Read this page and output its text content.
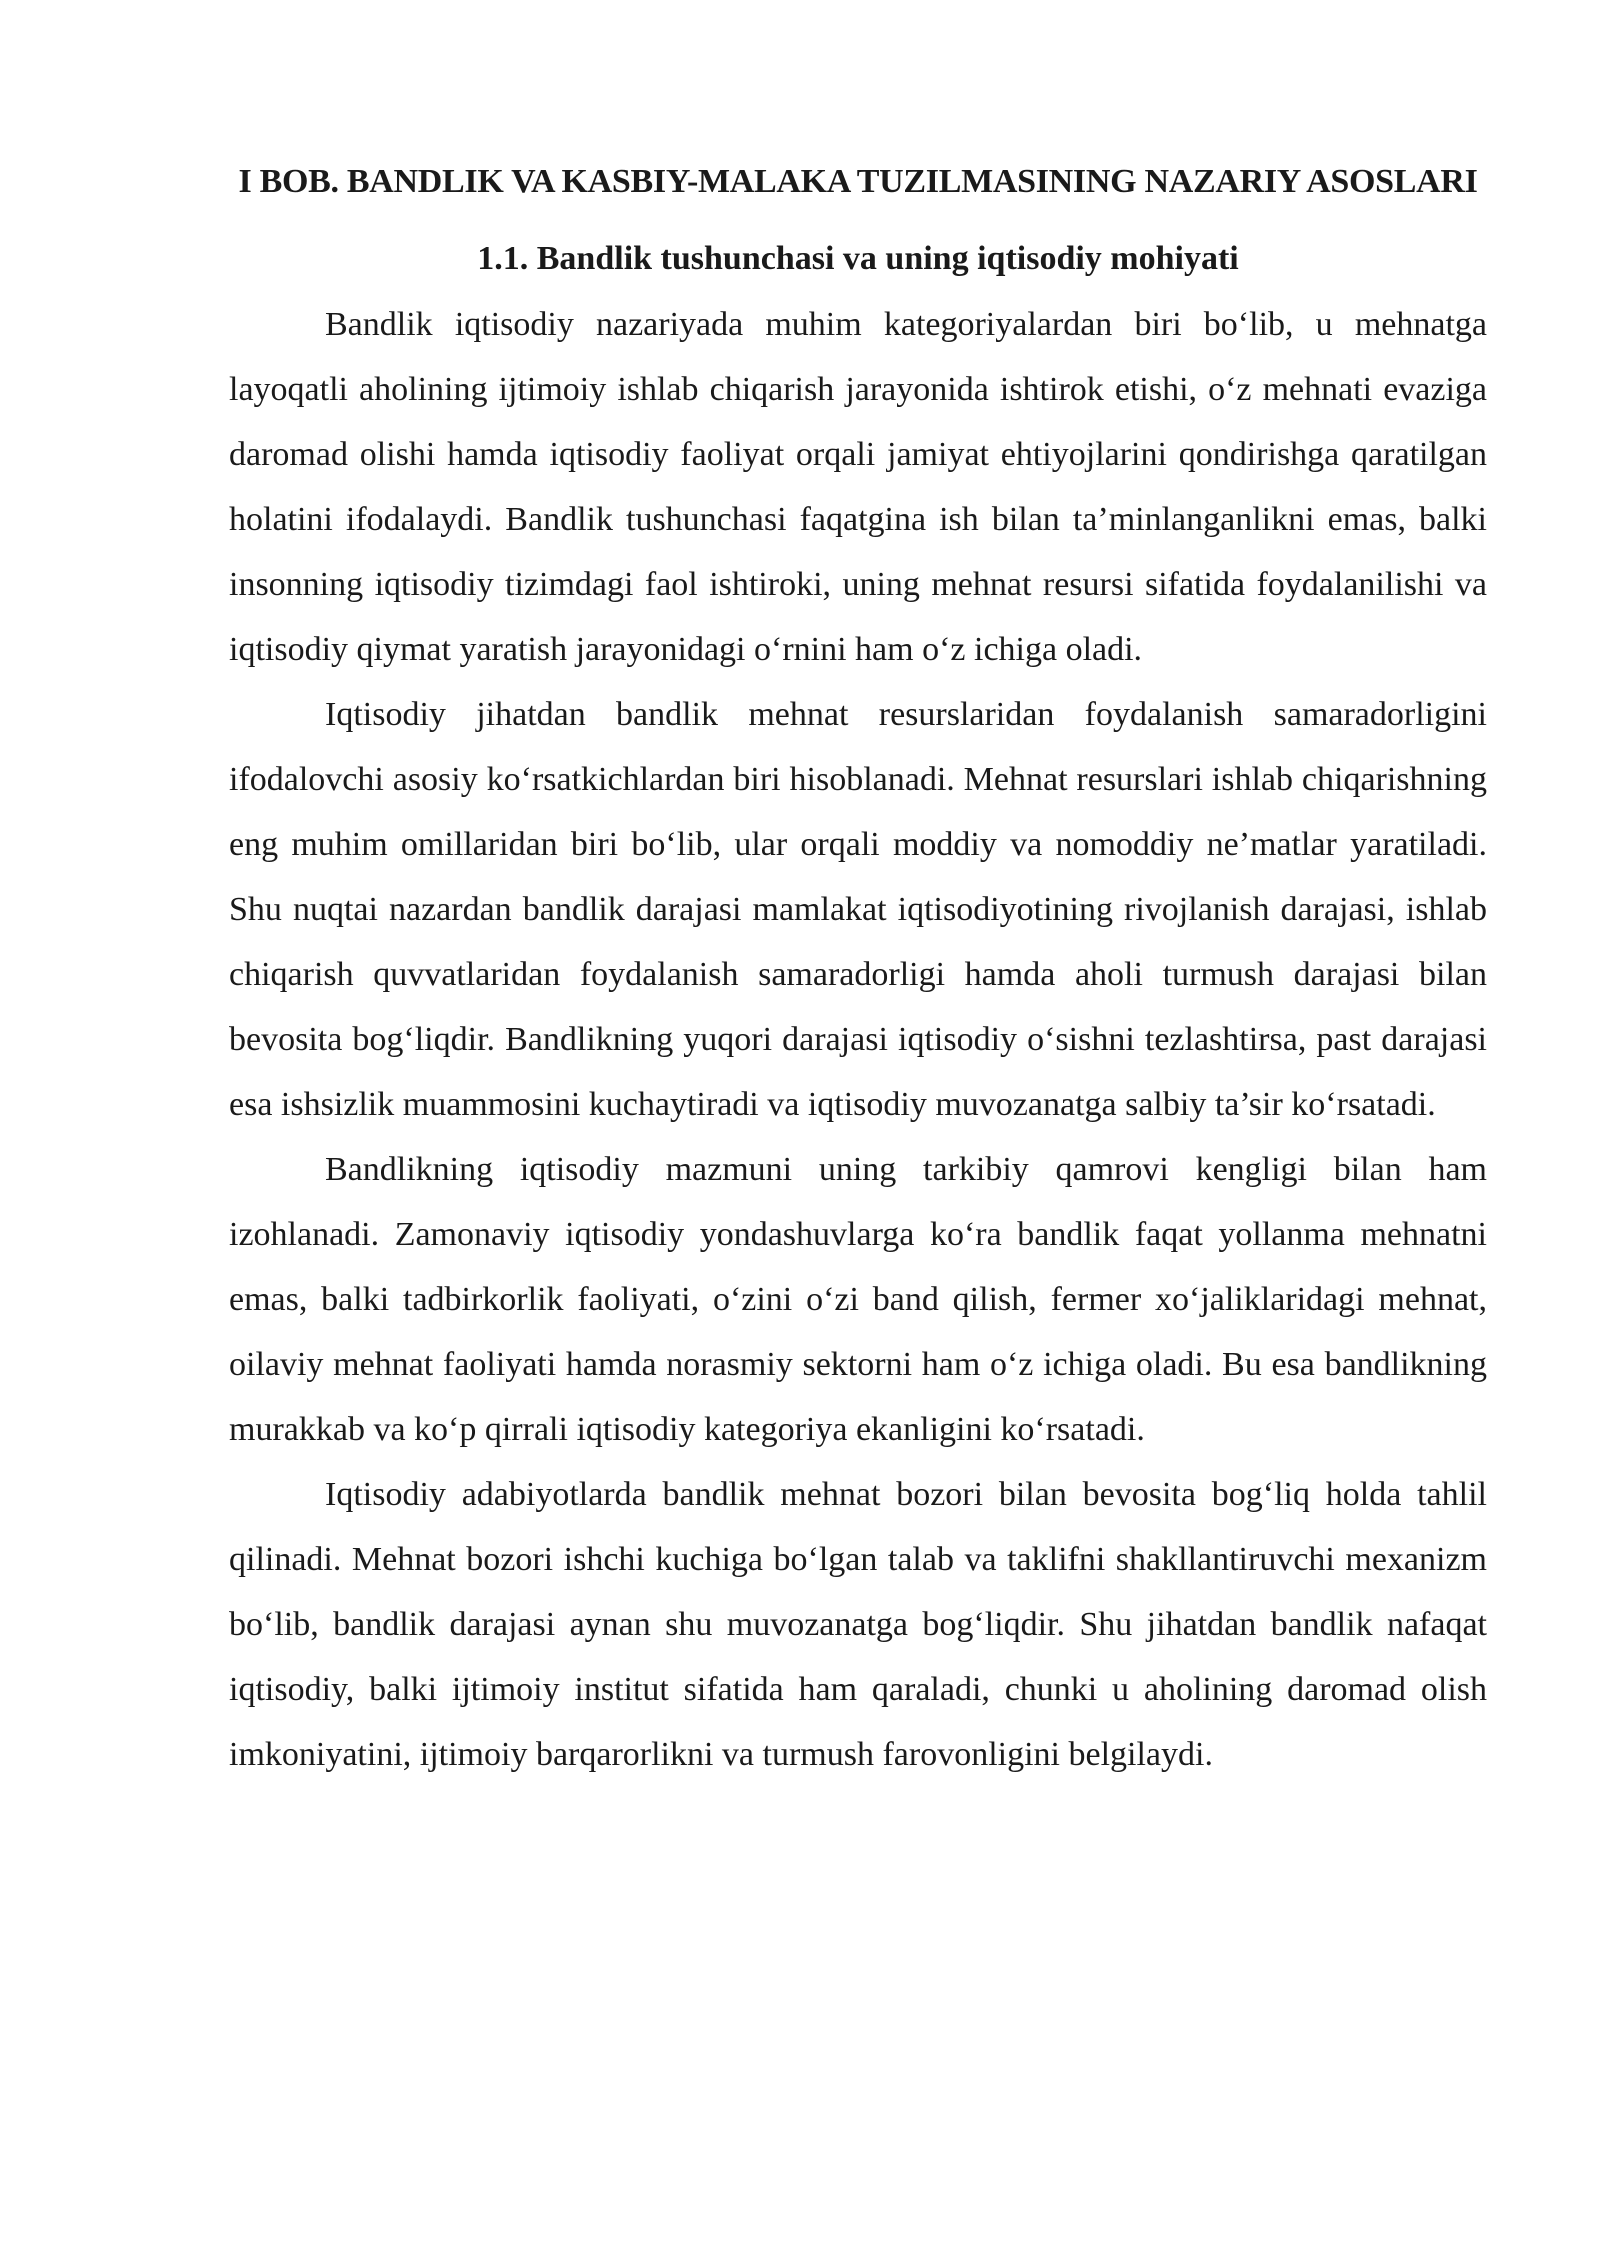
I BOB. BANDLIK VA KASBIY-MALAKA TUZILMASINING NAZARIY ASOSLARI
1.1. Bandlik tushunchasi va uning iqtisodiy mohiyati

Bandlik iqtisodiy nazariyada muhim kategoriyalardan biri bo‘lib, u mehnatga layoqatli aholining ijtimoiy ishlab chiqarish jarayonida ishtirok etishi, o‘z mehnati evaziga daromad olishi hamda iqtisodiy faoliyat orqali jamiyat ehtiyojlarini qondirishga qaratilgan holatini ifodalaydi. Bandlik tushunchasi faqatgina ish bilan ta’minlanganlikni emas, balki insonning iqtisodiy tizimdagi faol ishtiroki, uning mehnat resursi sifatida foydalanilishi va iqtisodiy qiymat yaratish jarayonidagi o‘rnini ham o‘z ichiga oladi.

Iqtisodiy jihatdan bandlik mehnat resurslaridan foydalanish samaradorligini ifodalovchi asosiy ko‘rsatkichlardan biri hisoblanadi. Mehnat resurslari ishlab chiqarishning eng muhim omillaridan biri bo‘lib, ular orqali moddiy va nomoddiy ne’matlar yaratiladi. Shu nuqtai nazardan bandlik darajasi mamlakat iqtisodiyotining rivojlanish darajasi, ishlab chiqarish quvvatlaridan foydalanish samaradorligi hamda aholi turmush darajasi bilan bevosita bog‘liqdir. Bandlikning yuqori darajasi iqtisodiy o‘sishni tezlashtirsa, past darajasi esa ishsizlik muammosini kuchaytiradi va iqtisodiy muvozanatga salbiy ta’sir ko‘rsatadi.

Bandlikning iqtisodiy mazmuni uning tarkibiy qamrovi kengligi bilan ham izohlanadi. Zamonaviy iqtisodiy yondashuvlarga ko‘ra bandlik faqat yollanma mehnatni emas, balki tadbirkorlik faoliyati, o‘zini o‘zi band qilish, fermer xo‘jaliklaridagi mehnat, oilaviy mehnat faoliyati hamda norasmiy sektorni ham o‘z ichiga oladi. Bu esa bandlikning murakkab va ko‘p qirrali iqtisodiy kategoriya ekanligini ko‘rsatadi.

Iqtisodiy adabiyotlarda bandlik mehnat bozori bilan bevosita bog‘liq holda tahlil qilinadi. Mehnat bozori ishchi kuchiga bo‘lgan talab va taklifni shakllantiruvchi mexanizm bo‘lib, bandlik darajasi aynan shu muvozanatga bog‘liqdir. Shu jihatdan bandlik nafaqat iqtisodiy, balki ijtimoiy institut sifatida ham qaraladi, chunki u aholining daromad olish imkoniyatini, ijtimoiy barqarorlikni va turmush farovonligini belgilaydi.
